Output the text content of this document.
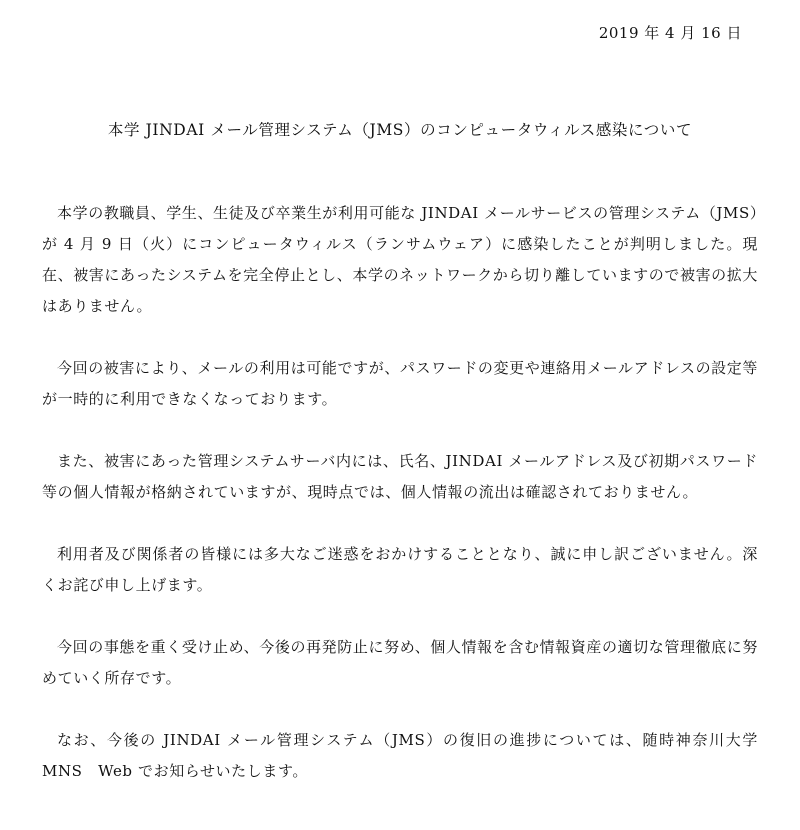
2019 年 4 月 16 日
本学 JINDAI メール管理システム（JMS）のコンピュータウィルス感染について

本学の教職員、学生、生徒及び卒業生が利用可能な JINDAI メールサービスの管理システム（JMS）が 4 月 9 日（火）にコンピュータウィルス（ランサムウェア）に感染したことが判明しました。現在、被害にあったシステムを完全停止とし、本学のネットワークから切り離していますので被害の拡大はありません。

今回の被害により、メールの利用は可能ですが、パスワードの変更や連絡用メールアドレスの設定等が一時的に利用できなくなっております。

また、被害にあった管理システムサーバ内には、氏名、JINDAI メールアドレス及び初期パスワード等の個人情報が格納されていますが、現時点では、個人情報の流出は確認されておりません。

利用者及び関係者の皆様には多大なご迷惑をおかけすることとなり、誠に申し訳ございません。深くお詫び申し上げます。

今回の事態を重く受け止め、今後の再発防止に努め、個人情報を含む情報資産の適切な管理徹底に努めていく所存です。

なお、今後の JINDAI メール管理システム（JMS）の復旧の進捗については、随時神奈川大学 MNS　Web でお知らせいたします。
